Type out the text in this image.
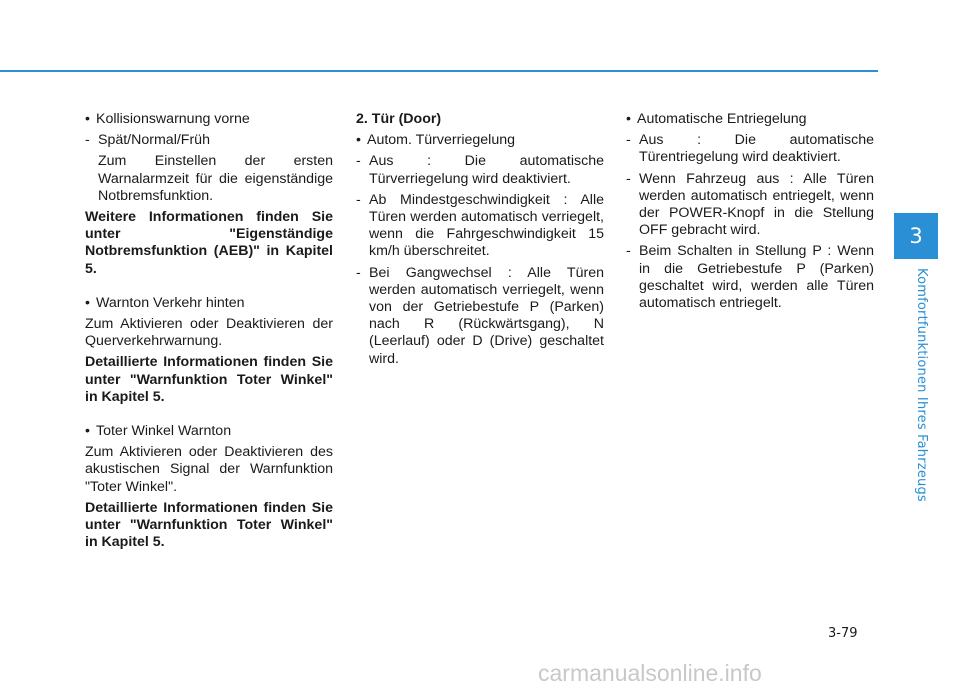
• Kollisionswarnung vorne
- Spät/Normal/Früh

Zum Einstellen der ersten Warnalarmzeit für die eigenständige Notbremsfunktion.

Weitere Informationen finden Sie unter "Eigenständige Notbremsfunktion (AEB)" in Kapitel 5.

• Warnton Verkehr hinten

Zum Aktivieren oder Deaktivieren der Querverkehrwarnung.

Detaillierte Informationen finden Sie unter "Warnfunktion Toter Winkel" in Kapitel 5.

• Toter Winkel Warnton

Zum Aktivieren oder Deaktivieren des akustischen Signal der Warnfunktion "Toter Winkel".

Detaillierte Informationen finden Sie unter "Warnfunktion Toter Winkel" in Kapitel 5.

2. Tür (Door)
• Autom. Türverriegelung
- Aus : Die automatische Türverriegelung wird deaktiviert.
- Ab Mindestgeschwindigkeit : Alle Türen werden automatisch verriegelt, wenn die Fahrgeschwindigkeit 15 km/h überschreitet.
- Bei Gangwechsel : Alle Türen werden automatisch verriegelt, wenn von der Getriebestufe P (Parken) nach R (Rückwärtsgang), N (Leerlauf) oder D (Drive) geschaltet wird.
• Automatische Entriegelung
- Aus : Die automatische Türentriegelung wird deaktiviert.
- Wenn Fahrzeug aus : Alle Türen werden automatisch entriegelt, wenn der POWER-Knopf in die Stellung OFF gebracht wird.
- Beim Schalten in Stellung P : Wenn in die Getriebestufe P (Parken) geschaltet wird, werden alle Türen automatisch entriegelt.
3
Komfortfunktionen Ihres Fahrzeugs
3-79
carmanualsonline.info
